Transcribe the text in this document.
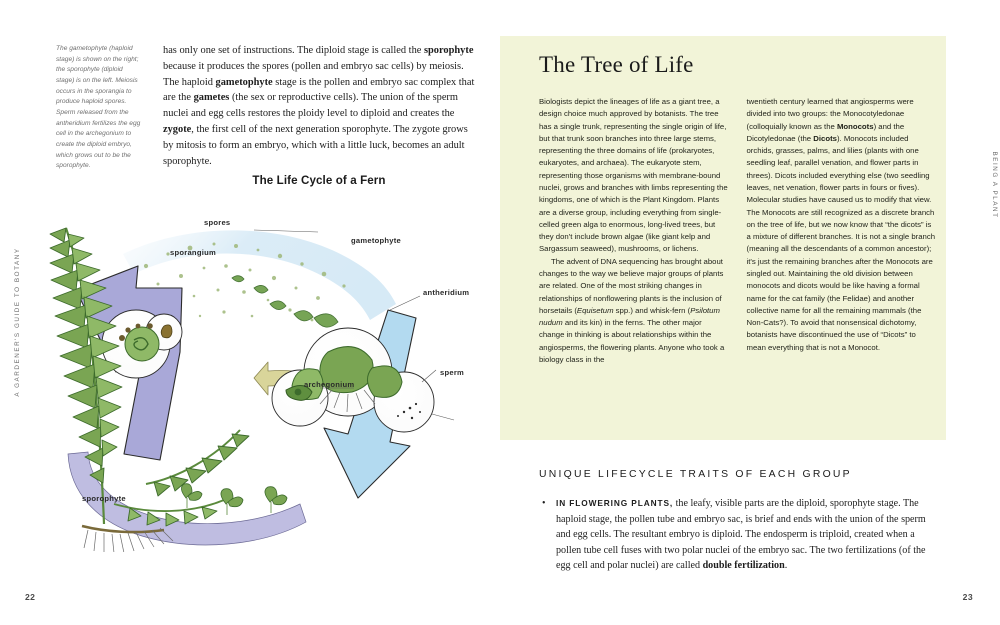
A GARDENER'S GUIDE TO BOTANY
The gametophyte (haploid stage) is shown on the right; the sporophyte (diploid stage) is on the left. Meiosis occurs in the sporangia to produce haploid spores. Sperm released from the antheridium fertilizes the egg cell in the archegonium to create the diploid embryo, which grows out to be the sporophyte.
has only one set of instructions. The diploid stage is called the sporophyte because it produces the spores (pollen and embryo sac cells) by meiosis. The haploid gametophyte stage is the pollen and embryo sac complex that are the gametes (the sex or reproductive cells). The union of the sperm nuclei and egg cells restores the ploidy level to diploid and creates the zygote, the first cell of the next generation sporophyte. The zygote grows by mitosis to form an embryo, which with a little luck, becomes an adult sporophyte.
The Life Cycle of a Fern
spores
sporangium
gametophyte
antheridium
sperm
archegonium
sporophyte
22
The Tree of Life

Biologists depict the lineages of life as a giant tree, a design choice much approved by botanists. The tree has a single trunk, representing the single origin of life, but that trunk soon branches into three large stems, representing the three domains of life (prokaryotes, eukaryotes, and archaea). The eukaryote stem, representing those organisms with membrane-bound nuclei, grows and branches with limbs representing the kingdoms, one of which is the Plant Kingdom. Plants are a diverse group, including everything from single-celled green alga to enormous, long-lived trees, but they don't include brown algae (like giant kelp and Sargassum seaweed), mushrooms, or lichens.

The advent of DNA sequencing has brought about changes to the way we believe major groups of plants are related. One of the most striking changes in relationships of nonflowering plants is the inclusion of horsetails (Equisetum spp.) and whisk-fern (Psilotum nudum and its kin) in the ferns. The other major change in thinking is about relationships within the angiosperms, the flowering plants. Anyone who took a biology class in the

twentieth century learned that angiosperms were divided into two groups: the Monocotyledonae (colloquially known as the Monocots) and the Dicotyledonae (the Dicots). Monocots included orchids, grasses, palms, and lilies (plants with one seedling leaf, parallel venation, and flower parts in threes). Dicots included everything else (two seedling leaves, net venation, flower parts in fours or fives). Molecular studies have caused us to modify that view. The Monocots are still recognized as a discrete branch on the tree of life, but we now know that “the dicots” is a mixture of different branches. It is not a single branch (meaning all the descendants of a common ancestor); it's just the remaining branches after the Monocots are singled out. Maintaining the old division between monocots and dicots would be like having a formal name for the cat family (the Felidae) and another collective name for all the remaining mammals (the Non-Cats?). To avoid that nonsensical dichotomy, botanists have discontinued the use of “Dicots” to mean everything that is not a Monocot.

UNIQUE LIFECYCLE TRAITS OF EACH GROUP
• IN FLOWERING PLANTS, the leafy, visible parts are the diploid, sporophyte stage. The haploid stage, the pollen tube and embryo sac, is brief and ends with the union of the sperm and egg cells. The resultant embryo is diploid. The endosperm is triploid, created when a pollen tube cell fuses with two polar nuclei of the embryo sac. The two fertilizations (of the egg cell and polar nuclei) are called double fertilization.
BEING A PLANT
23
